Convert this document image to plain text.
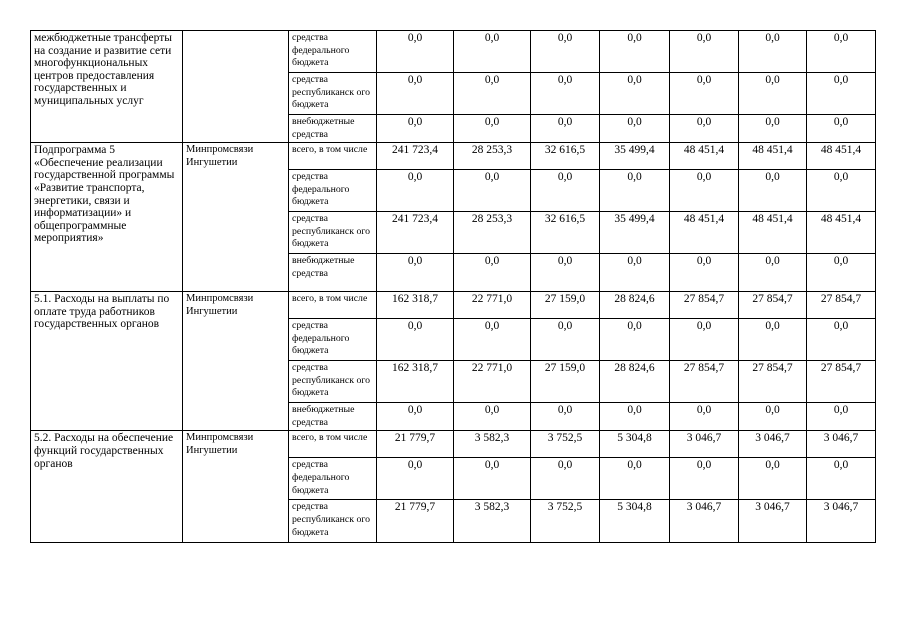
межбюджетные трансферты на создание и развитие сети многофункциональных центров предоставления государственных и муниципальных услуг		средства федерального бюджета	0,0	0,0	0,0	0,0	0,0	0,0	0,0
		средства республиканск ого бюджета	0,0	0,0	0,0	0,0	0,0	0,0	0,0
		внебюджетные средства	0,0	0,0	0,0	0,0	0,0	0,0	0,0

Подпрограмма 5 «Обеспечение реализации государственной программы «Развитие транспорта, энергетики, связи и информатизации» и общепрограммные мероприятия»	Минпромсвязи Ингушетии	всего, в том числе	241 723,4	28 253,3	32 616,5	35 499,4	48 451,4	48 451,4	48 451,4
		средства федерального бюджета	0,0	0,0	0,0	0,0	0,0	0,0	0,0
		средства республиканск ого бюджета	241 723,4	28 253,3	32 616,5	35 499,4	48 451,4	48 451,4	48 451,4
		внебюджетные средства	0,0	0,0	0,0	0,0	0,0	0,0	0,0

5.1. Расходы на выплаты по оплате труда работников государственных органов	Минпромсвязи Ингушетии	всего, в том числе	162 318,7	22 771,0	27 159,0	28 824,6	27 854,7	27 854,7	27 854,7
		средства федерального бюджета	0,0	0,0	0,0	0,0	0,0	0,0	0,0
		средства республиканск ого бюджета	162 318,7	22 771,0	27 159,0	28 824,6	27 854,7	27 854,7	27 854,7
		внебюджетные средства	0,0	0,0	0,0	0,0	0,0	0,0	0,0

5.2. Расходы на обеспечение функций государственных органов	Минпромсвязи Ингушетии	всего, в том числе	21 779,7	3 582,3	3 752,5	5 304,8	3 046,7	3 046,7	3 046,7
		средства федерального бюджета	0,0	0,0	0,0	0,0	0,0	0,0	0,0
		средства республиканск ого бюджета	21 779,7	3 582,3	3 752,5	5 304,8	3 046,7	3 046,7	3 046,7
